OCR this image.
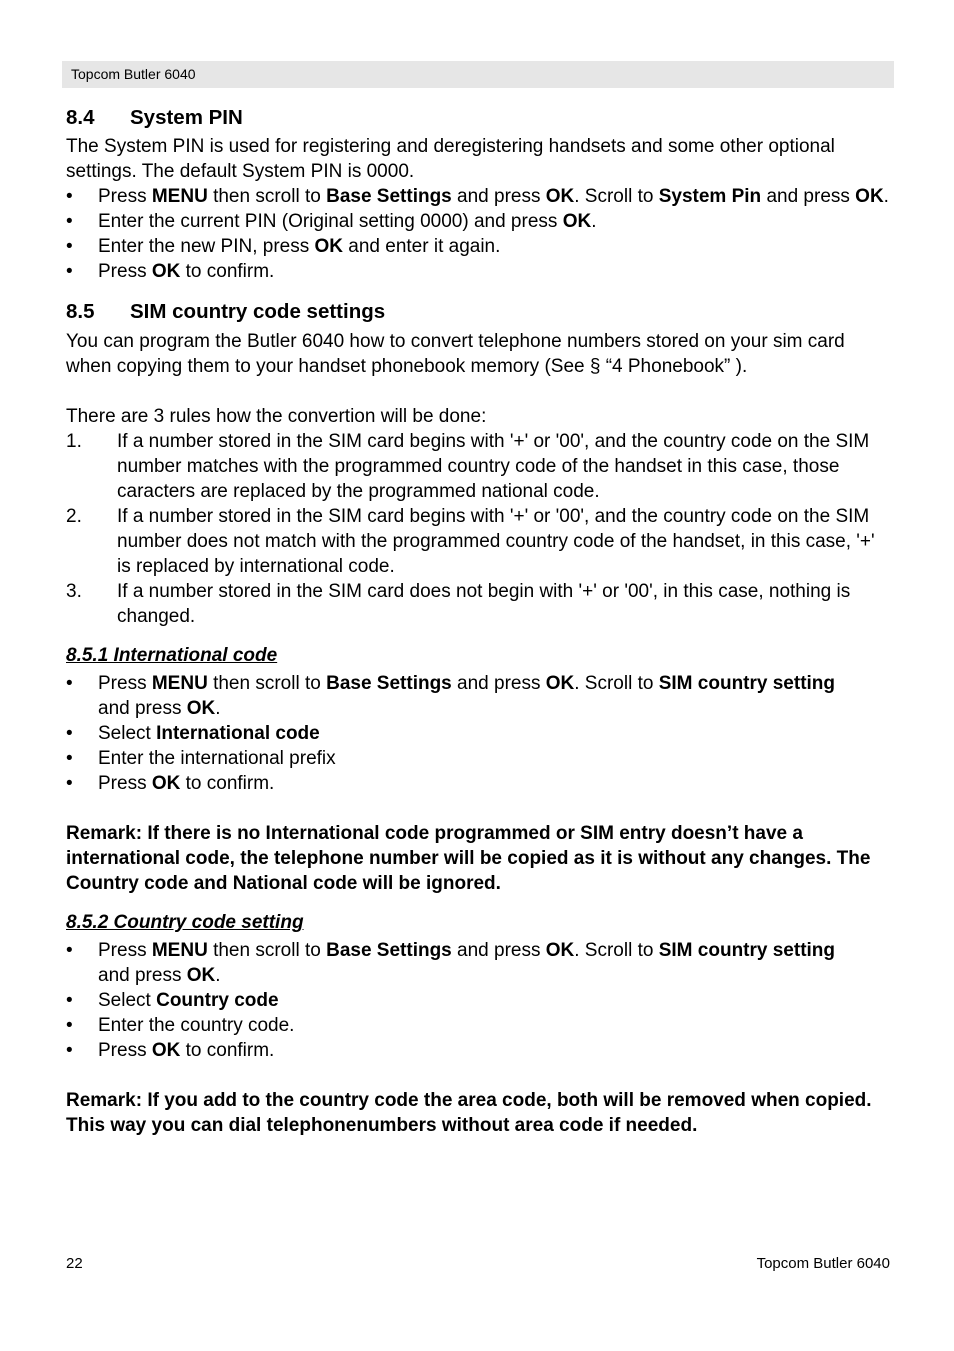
Topcom Butler 6040
8.4	System PIN

The System PIN is used for registering and deregistering handsets and some other optional settings. The default System PIN is 0000.

• Press MENU then scroll to Base Settings and press OK. Scroll to System Pin and press OK.
• Enter the current PIN (Original setting 0000) and press OK.
• Enter the new PIN, press OK and enter it again.
• Press OK to confirm.
8.5	SIM country code settings

You can program the Butler 6040 how to convert telephone numbers stored on your sim card when copying them to your handset phonebook memory (See § “4 Phonebook” ).

There are 3 rules how the convertion will be done:

1. If a number stored in the SIM card begins with '+' or '00', and the country code on the SIM number matches with the programmed country code of the handset in this case, those caracters are replaced by the programmed national code.
2. If a number stored in the SIM card begins with '+' or '00', and the country code on the SIM number does not match with the programmed country code of the handset, in this case, '+' is replaced by international code.
3. If a number stored in the SIM card does not begin with '+' or '00', in this case, nothing is changed.
8.5.1 International code
• Press MENU then scroll to Base Settings and press OK. Scroll to SIM country setting
and press OK.
• Select International code
• Enter the international prefix
• Press OK to confirm.

Remark: If there is no International code programmed or SIM entry doesn’t have a international code, the telephone number will be copied as it is without any changes. The Country code and National code will be ignored.

8.5.2 Country code setting
• Press MENU then scroll to Base Settings and press OK. Scroll to SIM country setting
and press OK.
• Select Country code
• Enter the country code.
• Press OK to confirm.

Remark: If you add to the country code the area code, both will be removed when copied. This way you can dial telephonenumbers without area code if needed.

22	Topcom Butler 6040
